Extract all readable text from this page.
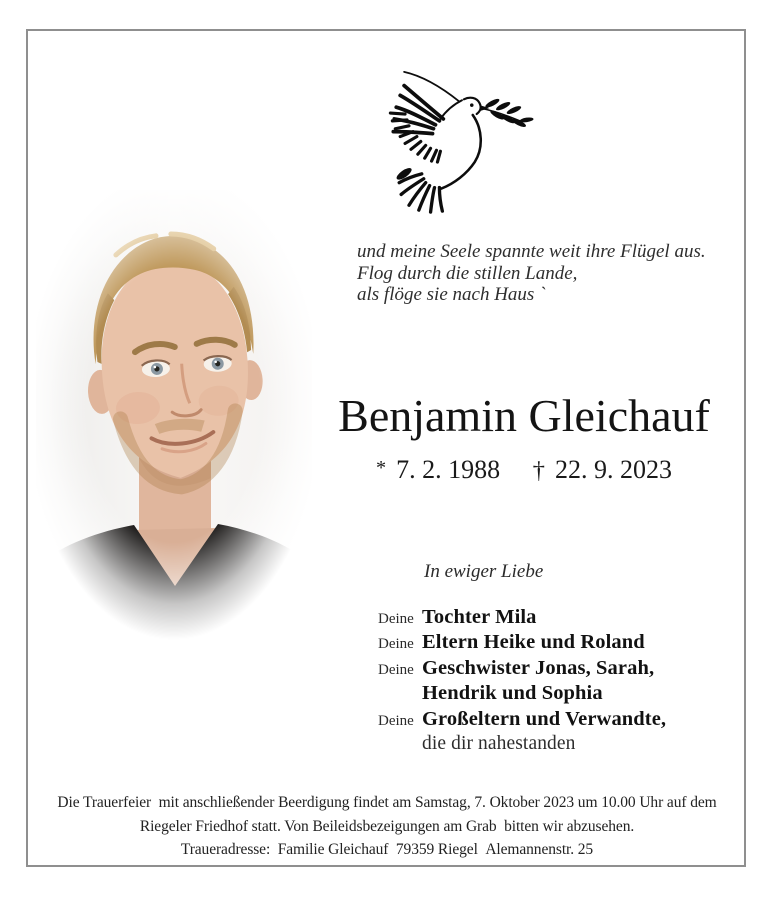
und meine Seele spannte weit ihre Flügel aus.
Flog durch die stillen Lande,
als flöge sie nach Haus `
Benjamin Gleichauf
* 7. 2. 1988 † 22. 9. 2023
In ewiger Liebe
Deine Tochter Mila
Deine Eltern Heike und Roland
Deine Geschwister Jonas, Sarah,
Hendrik und Sophia
Deine Großeltern und Verwandte,
die dir nahestanden
Die Trauerfeier  mit anschließender Beerdigung findet am Samstag, 7. Oktober 2023 um 10.00 Uhr auf dem
Riegeler Friedhof statt. Von Beileidsbezeigungen am Grab  bitten wir abzusehen.
Traueradresse:  Familie Gleichauf  79359 Riegel  Alemannenstr. 25
